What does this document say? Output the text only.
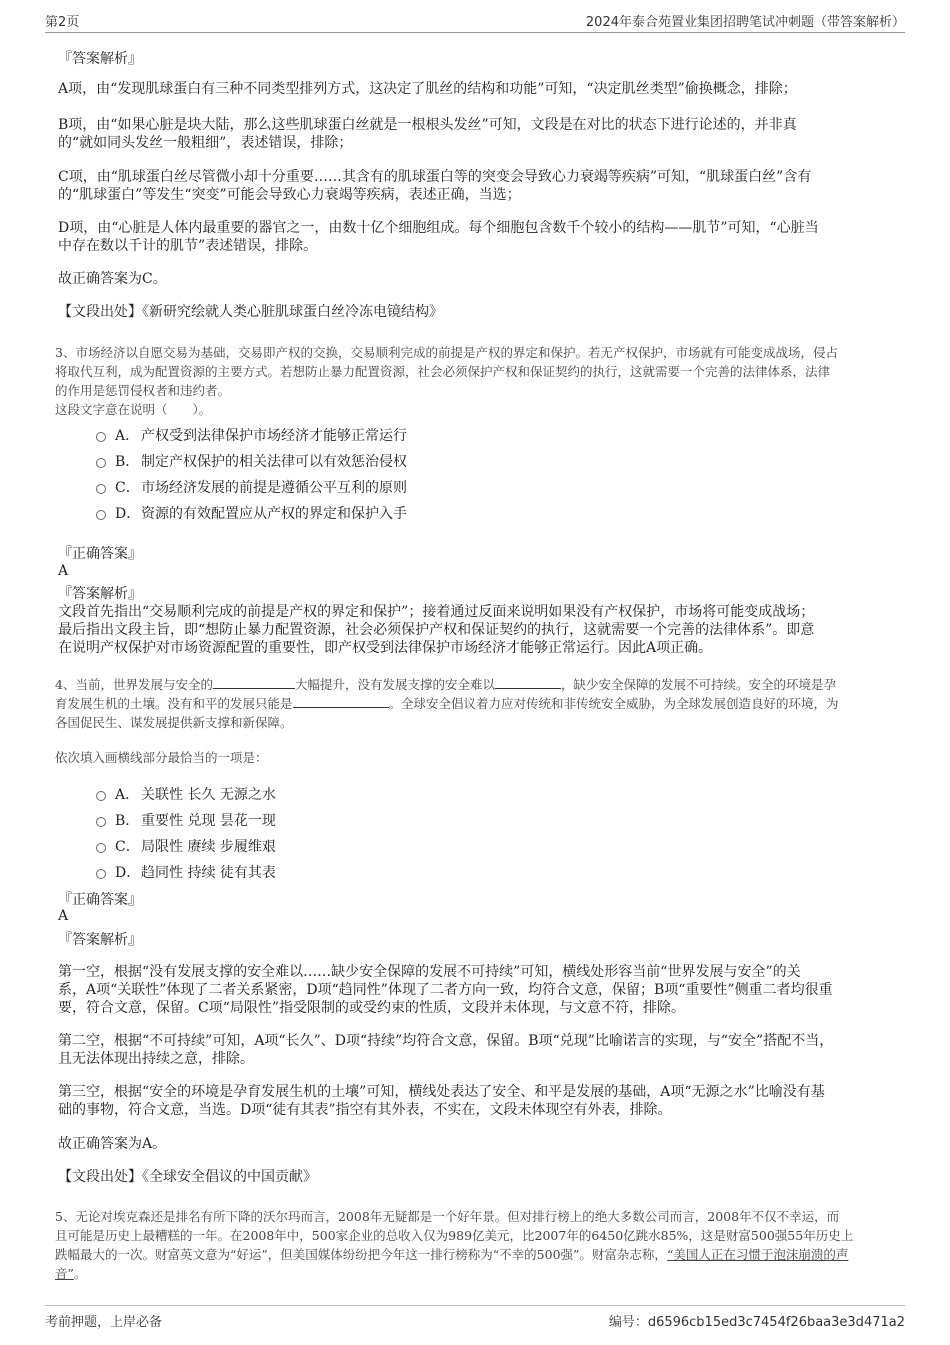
第2页	2024年泰合苑置业集团招聘笔试冲刺题（带答案解析）
『答案解析』
A项，由“发现肌球蛋白有三种不同类型排列方式，这决定了肌丝的结构和功能”可知，“决定肌丝类型”偷换概念，排除；
B项，由“如果心脏是块大陆，那么这些肌球蛋白丝就是一根根头发丝”可知，文段是在对比的状态下进行论述的，并非真
的“就如同头发丝一般粗细”，表述错误，排除；
C项，由“肌球蛋白丝尽管微小却十分重要……其含有的肌球蛋白等的突变会导致心力衰竭等疾病”可知，“肌球蛋白丝”含有
的“肌球蛋白”等发生“突变”可能会导致心力衰竭等疾病，表述正确，当选；
D项，由“心脏是人体内最重要的器官之一，由数十亿个细胞组成。每个细胞包含数千个较小的结构——肌节”可知，“心脏当
中存在数以千计的肌节”表述错误，排除。
故正确答案为C。
【文段出处】《新研究绘就人类心脏肌球蛋白丝冷冻电镜结构》
3、市场经济以自愿交易为基础，交易即产权的交换，交易顺利完成的前提是产权的界定和保护。若无产权保护，市场就有可能变成战场，侵占
将取代互利，成为配置资源的主要方式。若想防止暴力配置资源，社会必须保护产权和保证契约的执行，这就需要一个完善的法律体系，法律
的作用是惩罚侵权者和违约者。
这段文字意在说明（　　）。
A． 产权受到法律保护市场经济才能够正常运行
B． 制定产权保护的相关法律可以有效惩治侵权
C． 市场经济发展的前提是遵循公平互利的原则
D． 资源的有效配置应从产权的界定和保护入手
『正确答案』
A
『答案解析』
文段首先指出“交易顺利完成的前提是产权的界定和保护”；接着通过反面来说明如果没有产权保护，市场将可能变成战场；
最后指出文段主旨，即“想防止暴力配置资源，社会必须保护产权和保证契约的执行，这就需要一个完善的法律体系”。即意
在说明产权保护对市场资源配置的重要性，即产权受到法律保护市场经济才能够正常运行。因此A项正确。
4、当前，世界发展与安全的	大幅提升，没有发展支撑的安全难以	，缺少安全保障的发展不可持续。安全的环境是孕
育发展生机的土壤。没有和平的发展只能是	。全球安全倡议着力应对传统和非传统安全威胁，为全球发展创造良好的环境，为
各国促民生、谋发展提供新支撑和新保障。
依次填入画横线部分最恰当的一项是：
A． 关联性 长久 无源之水
B． 重要性 兑现 昙花一现
C． 局限性 赓续 步履维艰
D． 趋同性 持续 徒有其表
『正确答案』
A
『答案解析』
第一空，根据“没有发展支撑的安全难以……缺少安全保障的发展不可持续”可知，横线处形容当前“世界发展与安全”的关
系，A项“关联性”体现了二者关系紧密，D项“趋同性”体现了二者方向一致，均符合文意，保留；B项“重要性”侧重二者均很重
要，符合文意，保留。C项“局限性”指受限制的或受约束的性质，文段并未体现，与文意不符，排除。
第二空，根据“不可持续”可知，A项“长久”、D项“持续”均符合文意，保留。B项“兑现”比喻诺言的实现，与“安全”搭配不当，
且无法体现出持续之意，排除。
第三空，根据“安全的环境是孕育发展生机的土壤”可知，横线处表达了安全、和平是发展的基础，A项“无源之水”比喻没有基
础的事物，符合文意，当选。D项“徒有其表”指空有其外表，不实在，文段未体现空有外表，排除。
故正确答案为A。
【文段出处】《全球安全倡议的中国贡献》
5、无论对埃克森还是排名有所下降的沃尔玛而言，2008年无疑都是一个好年景。但对排行榜上的绝大多数公司而言，2008年不仅不幸运，而
且可能是历史上最糟糕的一年。在2008年中，500家企业的总收入仅为989亿美元，比2007年的6450亿跳水85%，这是财富500强55年历史上
跌幅最大的一次。财富英文意为“好运”，但美国媒体纷纷把今年这一排行榜称为“不幸的500强”。财富杂志称，“美国人正在习惯于泡沫崩溃的声
音”。
考前押题，上岸必备	编号：d6596cb15ed3c7454f26baa3e3d471a2
